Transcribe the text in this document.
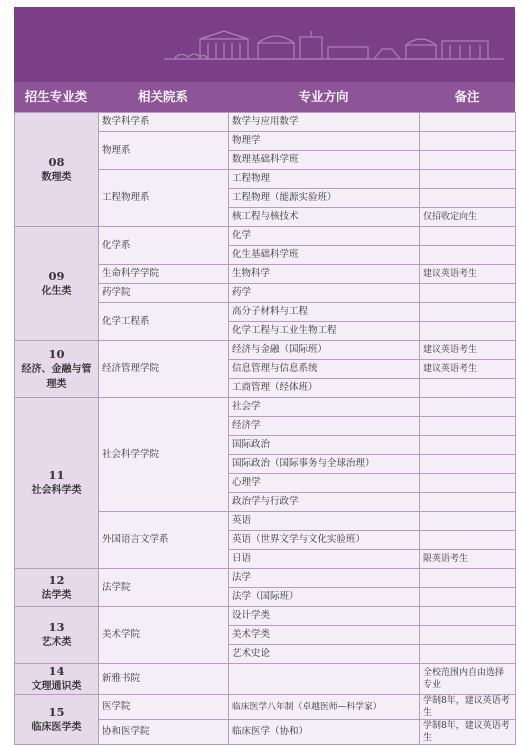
招生专业类	相关院系	专业方向	备注
08
数理类	数学科学系	数学与应用数学	
	物理系	物理学	
		数理基础科学班	
	工程物理系	工程物理	
		工程物理（能源实验班）	
		核工程与核技术	仅招收定向生

09
化生类	化学系	化学	
		化生基础科学班	
	生命科学学院	生物科学	建议英语考生
	药学院	药学	
	化学工程系	高分子材料与工程	
		化学工程与工业生物工程	

10
经济、金融与管理类	经济管理学院	经济与金融（国际班）	建议英语考生
		信息管理与信息系统	建议英语考生
		工商管理（经体班）	

11
社会科学类	社会科学学院	社会学	
		经济学	
		国际政治	
		国际政治（国际事务与全球治理）	
		心理学	
		政治学与行政学	
	外国语言文学系	英语	
		英语（世界文学与文化实验班）	
		日语	限英语考生

12
法学类	法学院	法学	
		法学（国际班）	

13
艺术类	美术学院	设计学类	
		美术学类	
		艺术史论	

14
文理通识类	新雅书院		全校范围内自由选择专业

15
临床医学类	医学院	临床医学八年制（卓越医师—科学家）	学制8年，建议英语考生
	协和医学院	临床医学（协和）	学制8年，建议英语考生
